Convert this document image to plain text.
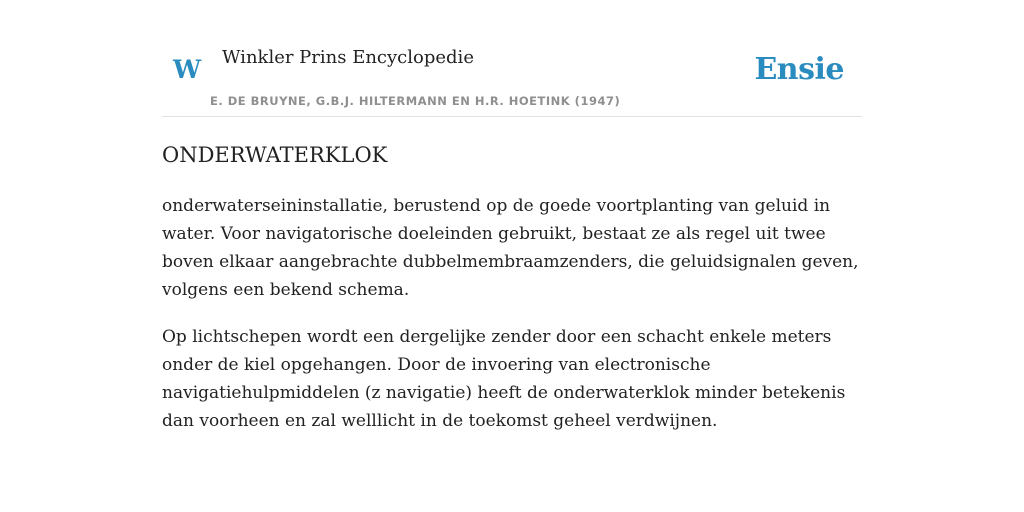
W Winkler Prins Encyclopedie
E. DE BRUYNE, G.B.J. HILTERMANN EN H.R. HOETINK (1947)
Ensie
ONDERWATERKLOK

onderwaterseininstallatie, berustend op de goede voortplanting van geluid in water. Voor navigatorische doeleinden gebruikt, bestaat ze als regel uit twee boven elkaar aangebrachte dubbelmembraamzenders, die geluidsignalen geven, volgens een bekend schema.

Op lichtschepen wordt een dergelijke zender door een schacht enkele meters onder de kiel opgehangen. Door de invoering van electronische navigatiehulpmiddelen (z navigatie) heeft de onderwaterklok minder betekenis dan voorheen en zal welllicht in de toekomst geheel verdwijnen.
